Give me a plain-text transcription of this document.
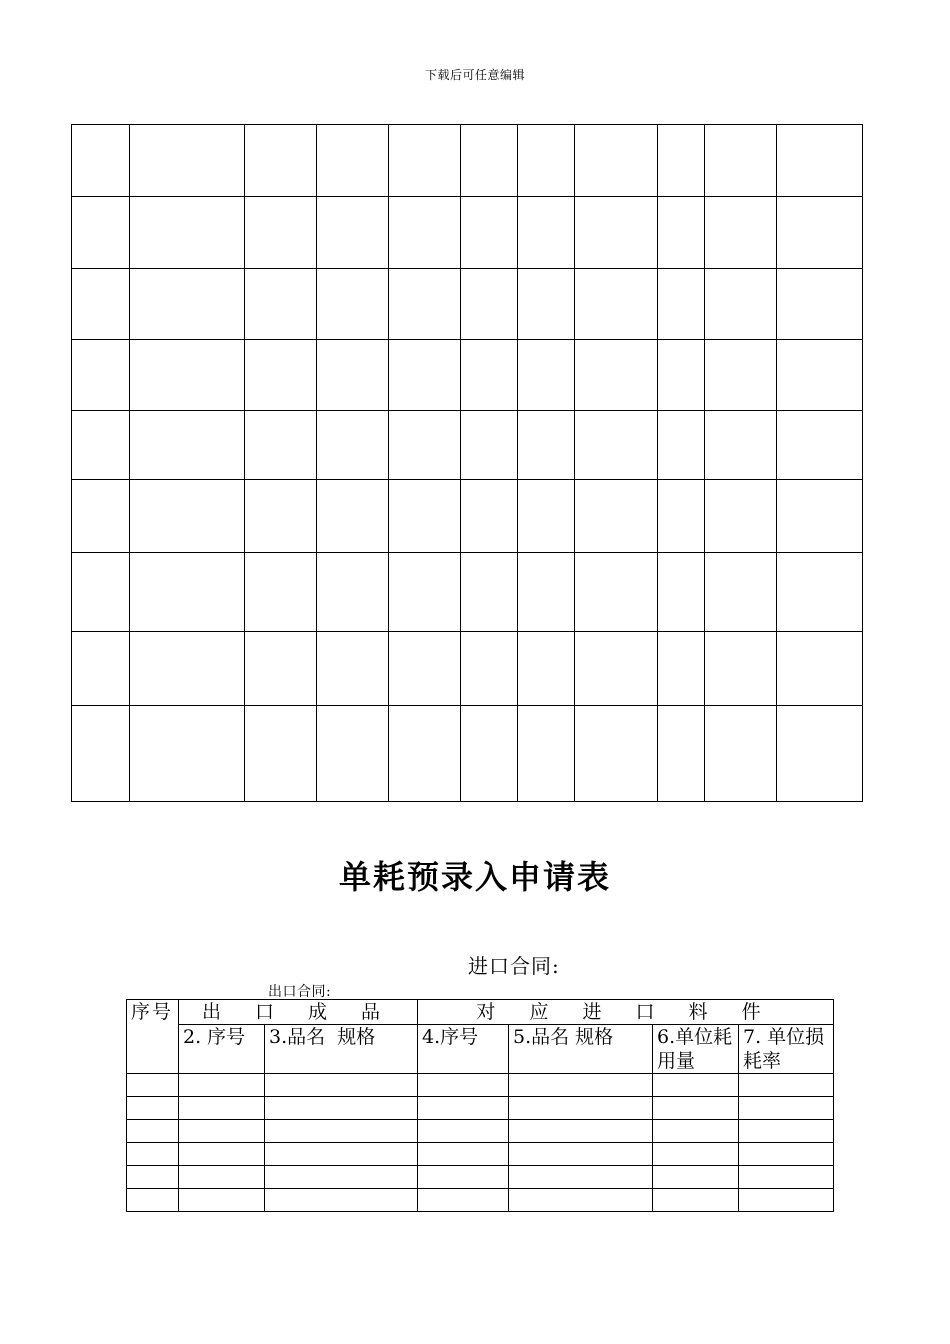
下载后可任意编辑

单耗预录入申请表
进口合同:
出口合同:
序号	出 口 成 品		对 应 进 口 料 件			
	2. 序号	3.品名  规格	4.序号	5.品名 规格	6.单位耗用量	7. 单位损耗率
